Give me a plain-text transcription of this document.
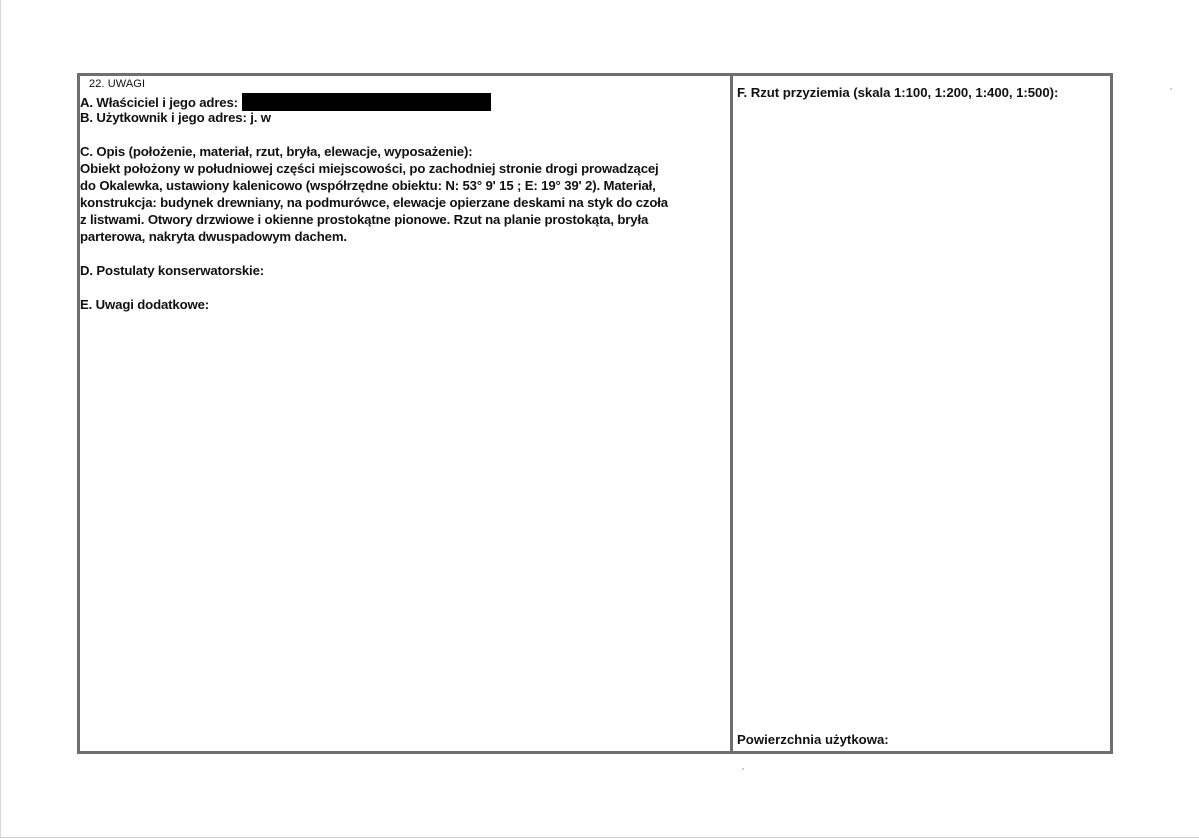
22. UWAGI
A. Właściciel i jego adres:
B. Użytkownik i jego adres: j. w
C. Opis (położenie, materiał, rzut, bryła, elewacje, wyposażenie):
Obiekt położony w południowej części miejscowości, po zachodniej stronie drogi prowadzącej
do Okalewka, ustawiony kalenicowo (współrzędne obiektu: N: 53° 9' 15 ; E: 19° 39' 2). Materiał,
konstrukcja: budynek drewniany, na podmurówce, elewacje opierzane deskami na styk do czoła
z listwami. Otwory drzwiowe i okienne prostokątne pionowe. Rzut na planie prostokąta, bryła
parterowa, nakryta dwuspadowym dachem.
D. Postulaty konserwatorskie:
E. Uwagi dodatkowe:
F. Rzut przyziemia (skala 1:100, 1:200, 1:400, 1:500):
Powierzchnia użytkowa:
